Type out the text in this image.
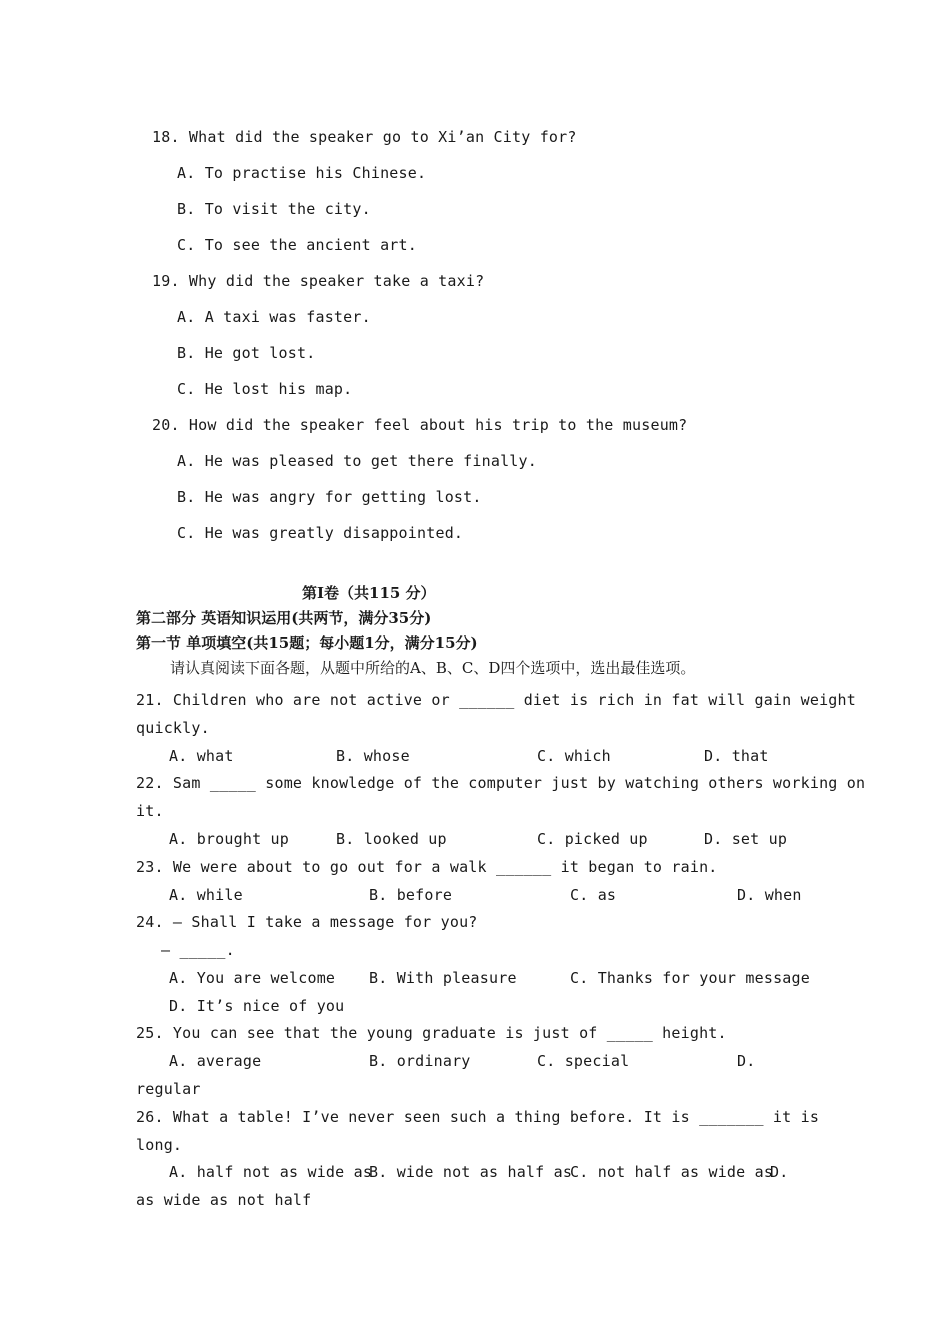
18. What did the speaker go to Xi’an City for?
A. To practise his Chinese.
B. To visit the city.
C. To see the ancient art.
19. Why did the speaker take a taxi?
A. A taxi was faster.
B. He got lost.
C. He lost his map.
20. How did the speaker feel about his trip to the museum?
A. He was pleased to get there finally.
B. He was angry for getting lost.
C. He was greatly disappointed.
第Ⅰ卷（共115 分）
第二部分 英语知识运用(共两节，满分35分)
第一节 单项填空(共15题；每小题1分，满分15分)
请认真阅读下面各题，从题中所给的A、B、C、D四个选项中，选出最佳选项。
21. Children who are not active or ______ diet is rich in fat will gain weight
quickly.
A. what	B. whose	C. which	D. that
22. Sam _____ some knowledge of the computer just by watching others working on
it.
A. brought up	B. looked up	C. picked up	D. set up
23. We were about to go out for a walk ______ it began to rain.
A. while	B. before	C. as	D. when
24. — Shall I take a message for you?
— _____.
A. You are welcome B. With pleasure	C. Thanks for your message
D. It’s nice of you
25. You can see that the young graduate is just of _____ height.
A. average	B. ordinary	C. special	D.
regular
26. What a table! I’ve never seen such a thing before. It is _______ it is
long.
A. half not as wide as
B. wide not as half as
C. not half as wide as
D.
as wide as not half
